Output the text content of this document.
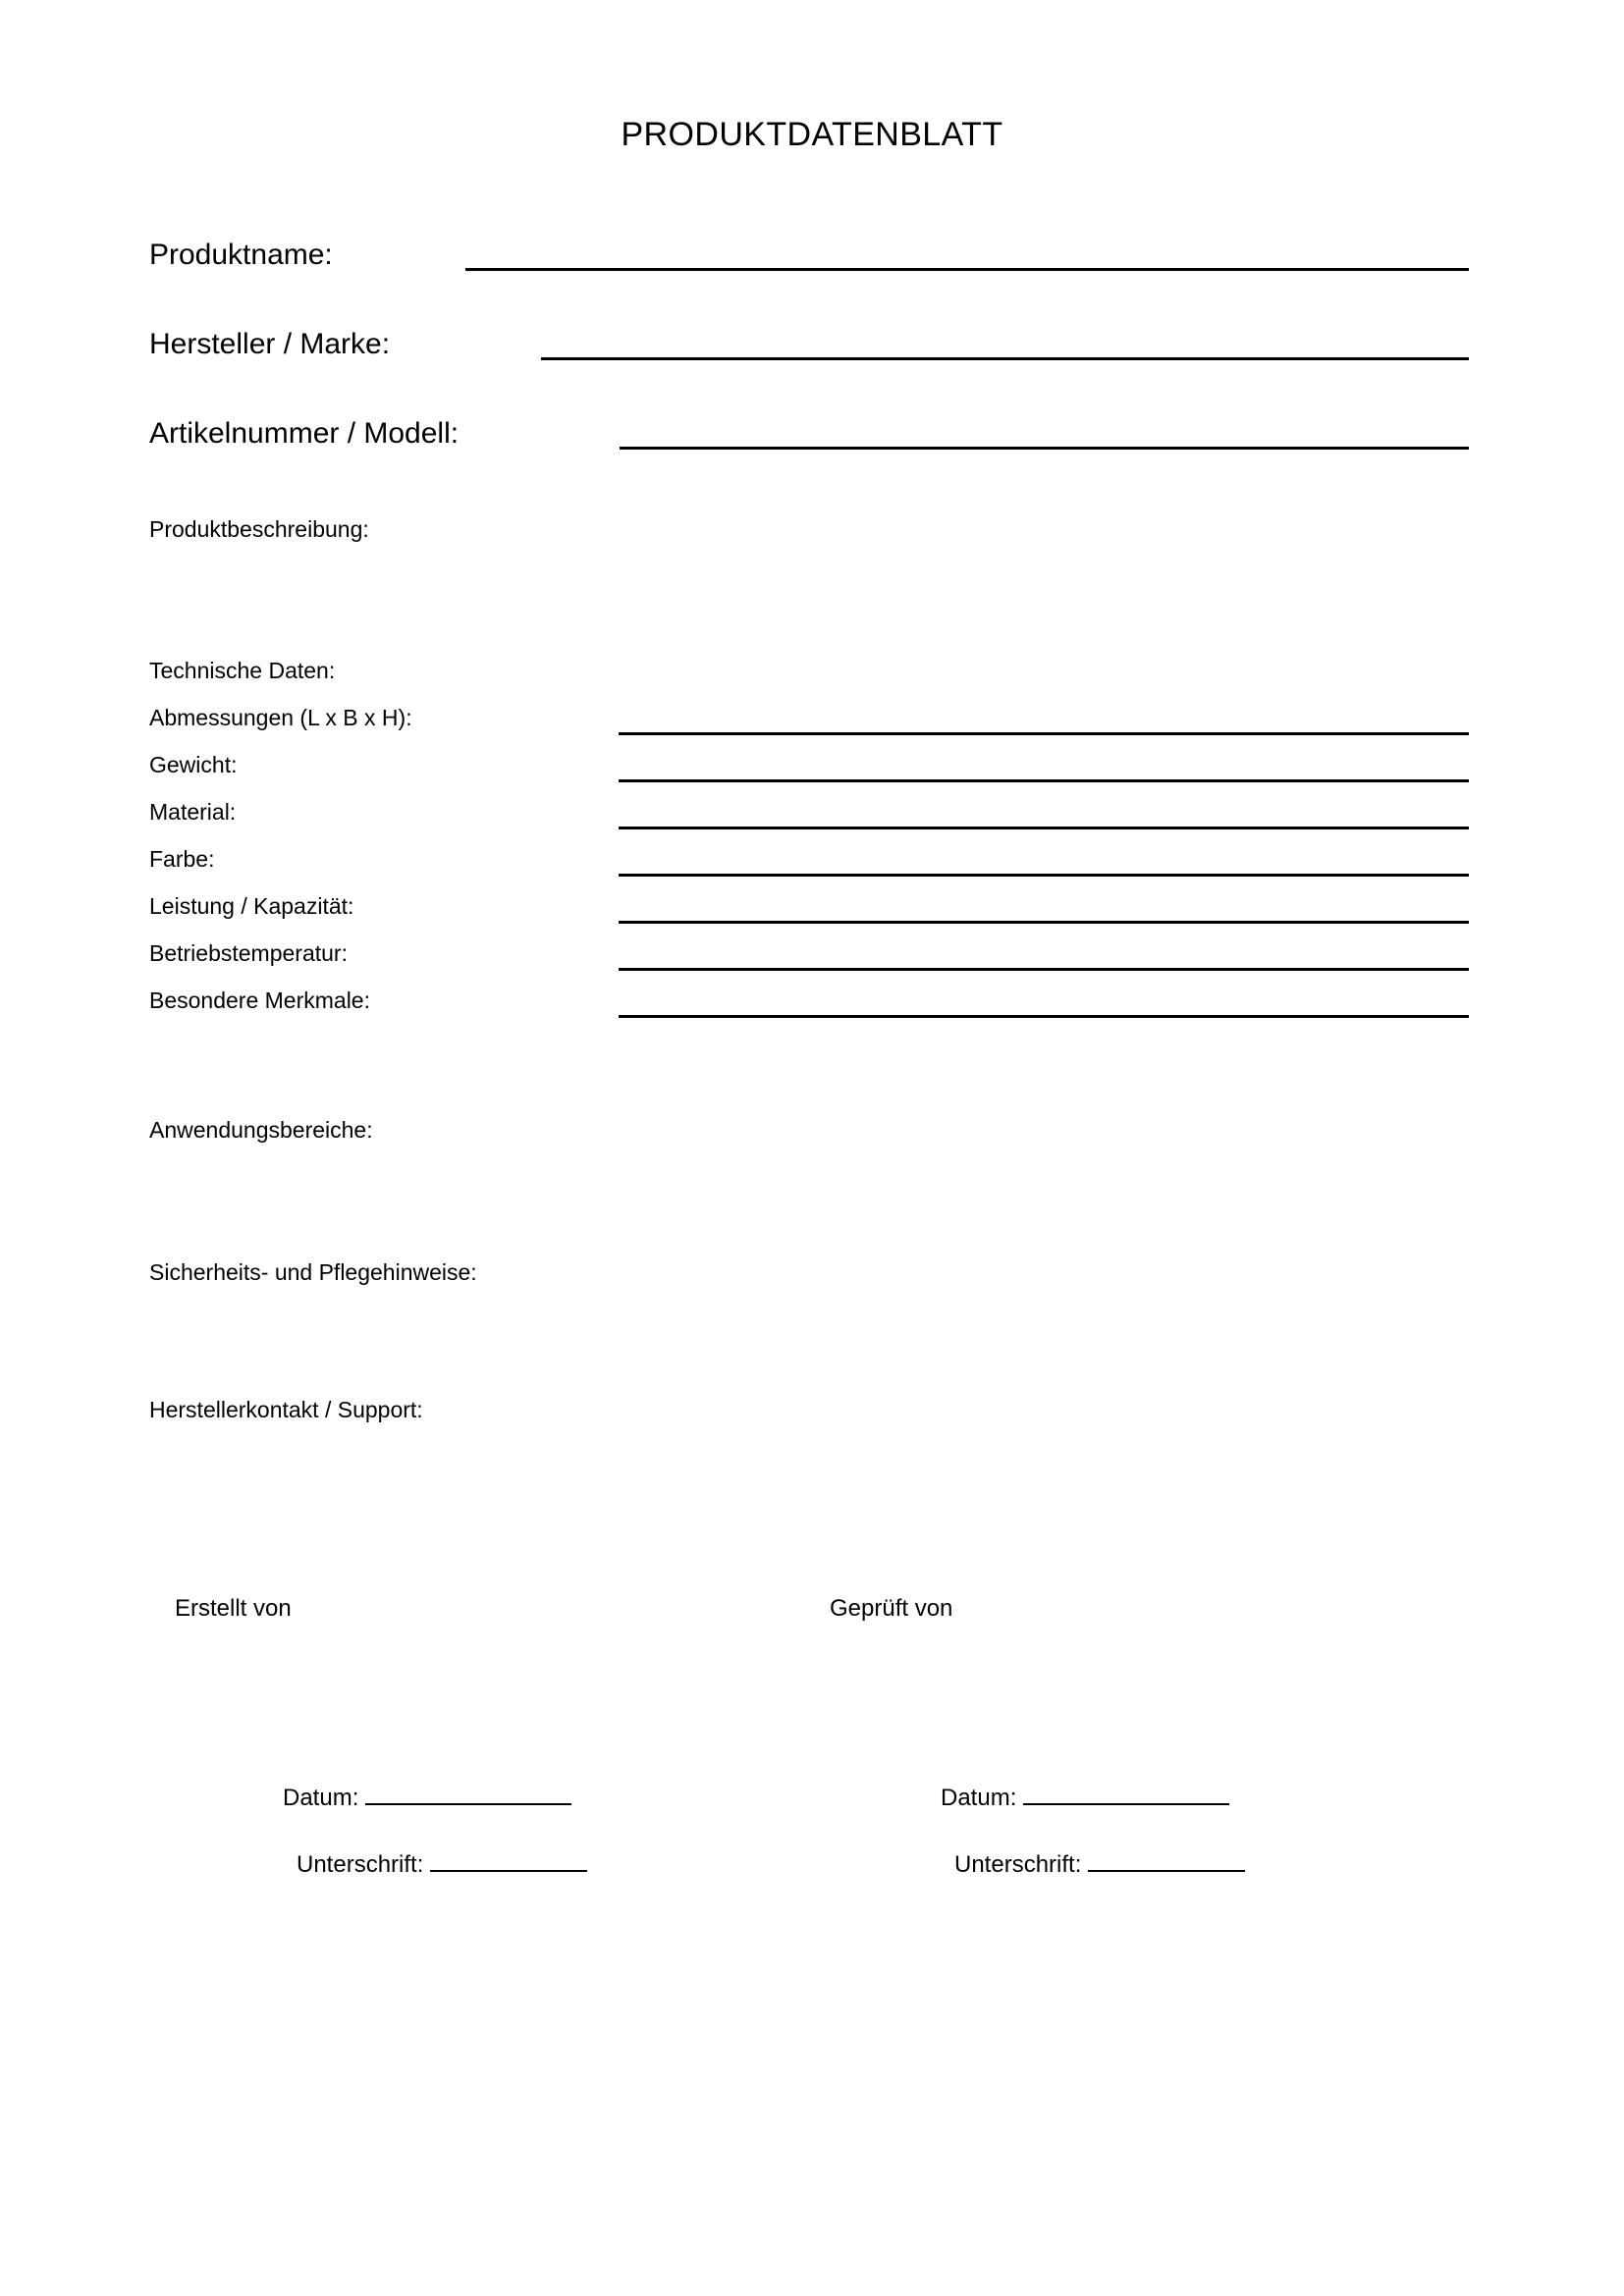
PRODUKTDATENBLATT
Produktname:
Hersteller / Marke:
Artikelnummer / Modell:
Produktbeschreibung:
Technische Daten:
Abmessungen (L x B x H):
Gewicht:
Material:
Farbe:
Leistung / Kapazität:
Betriebstemperatur:
Besondere Merkmale:
Anwendungsbereiche:
Sicherheits- und Pflegehinweise:
Herstellerkontakt / Support:
Erstellt von	Geprüft von
Datum:
Unterschrift:
Datum:
Unterschrift:
